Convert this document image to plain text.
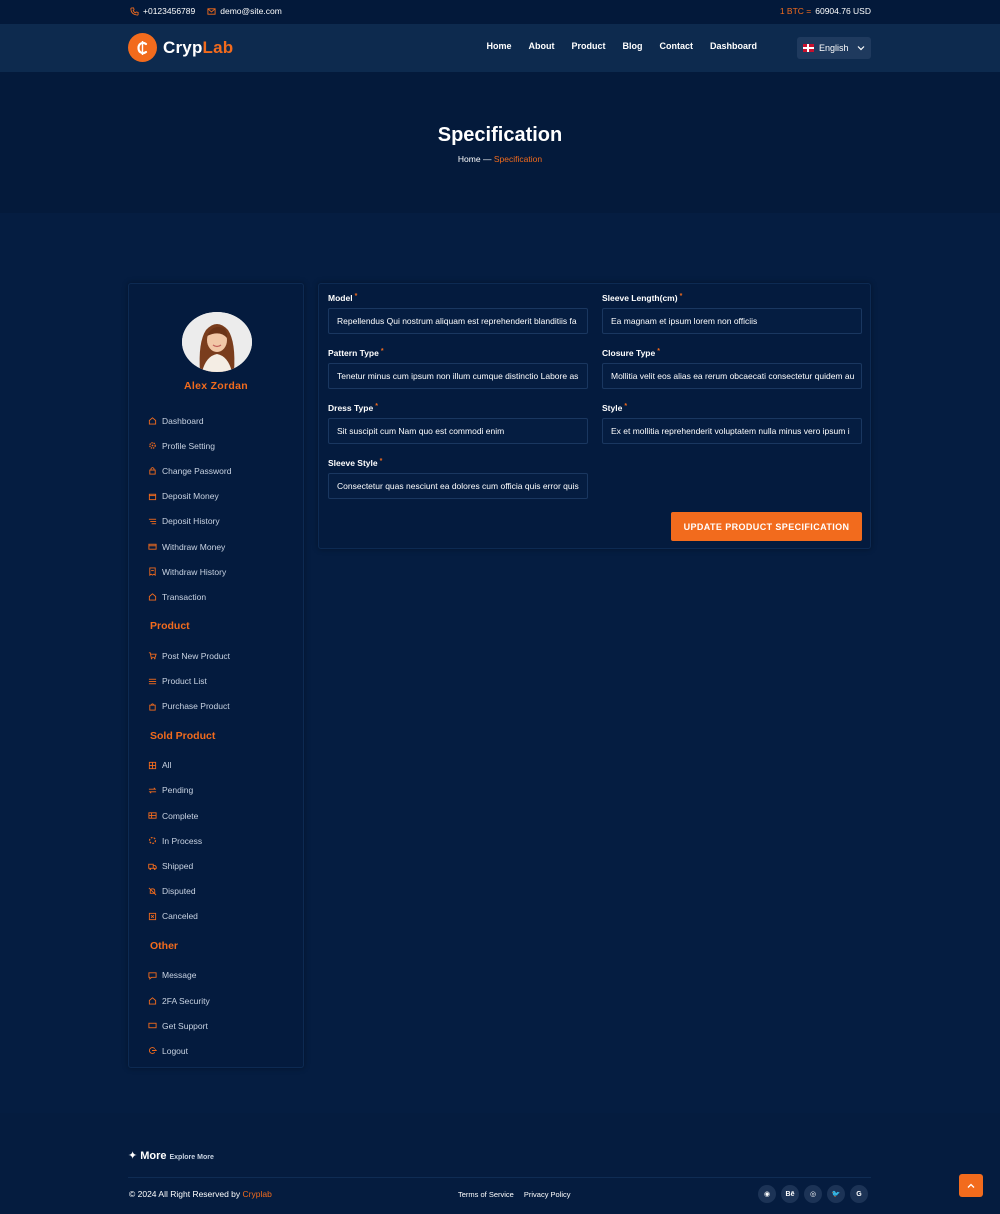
+0123456789	demo@site.com	1 BTC = 60904.76 USD
CrypLab	Home About Product Blog Contact Dashboard	English
Specification
Home — Specification
Alex Zordan
Dashboard
Profile Setting
Change Password
Deposit Money
Deposit History
Withdraw Money
Withdraw History
Transaction
Product
Post New Product
Product List
Purchase Product
Sold Product
All
Pending
Complete
In Process
Shipped
Disputed
Canceled
Other
Message
2FA Security
Get Support
Logout
Model *
Repellendus Qui nostrum aliquam est reprehenderit blanditiis fa
Sleeve Length(cm) *
Ea magnam et ipsum lorem non officiis
Pattern Type *
Tenetur minus cum ipsum non illum cumque distinctio Labore as
Closure Type *
Mollitia velit eos alias ea rerum obcaecati consectetur quidem au
Dress Type *
Sit suscipit cum Nam quo est commodi enim
Style *
Ex et mollitia reprehenderit voluptatem nulla minus vero ipsum i
Sleeve Style *
Consectetur quas nesciunt ea dolores cum officia quis error quis
UPDATE PRODUCT SPECIFICATION
✦ More Explore More
© 2024 All Right Reserved by Cryplab	Terms of Service Privacy Policy	◉	Bē	◎	🐦	G
